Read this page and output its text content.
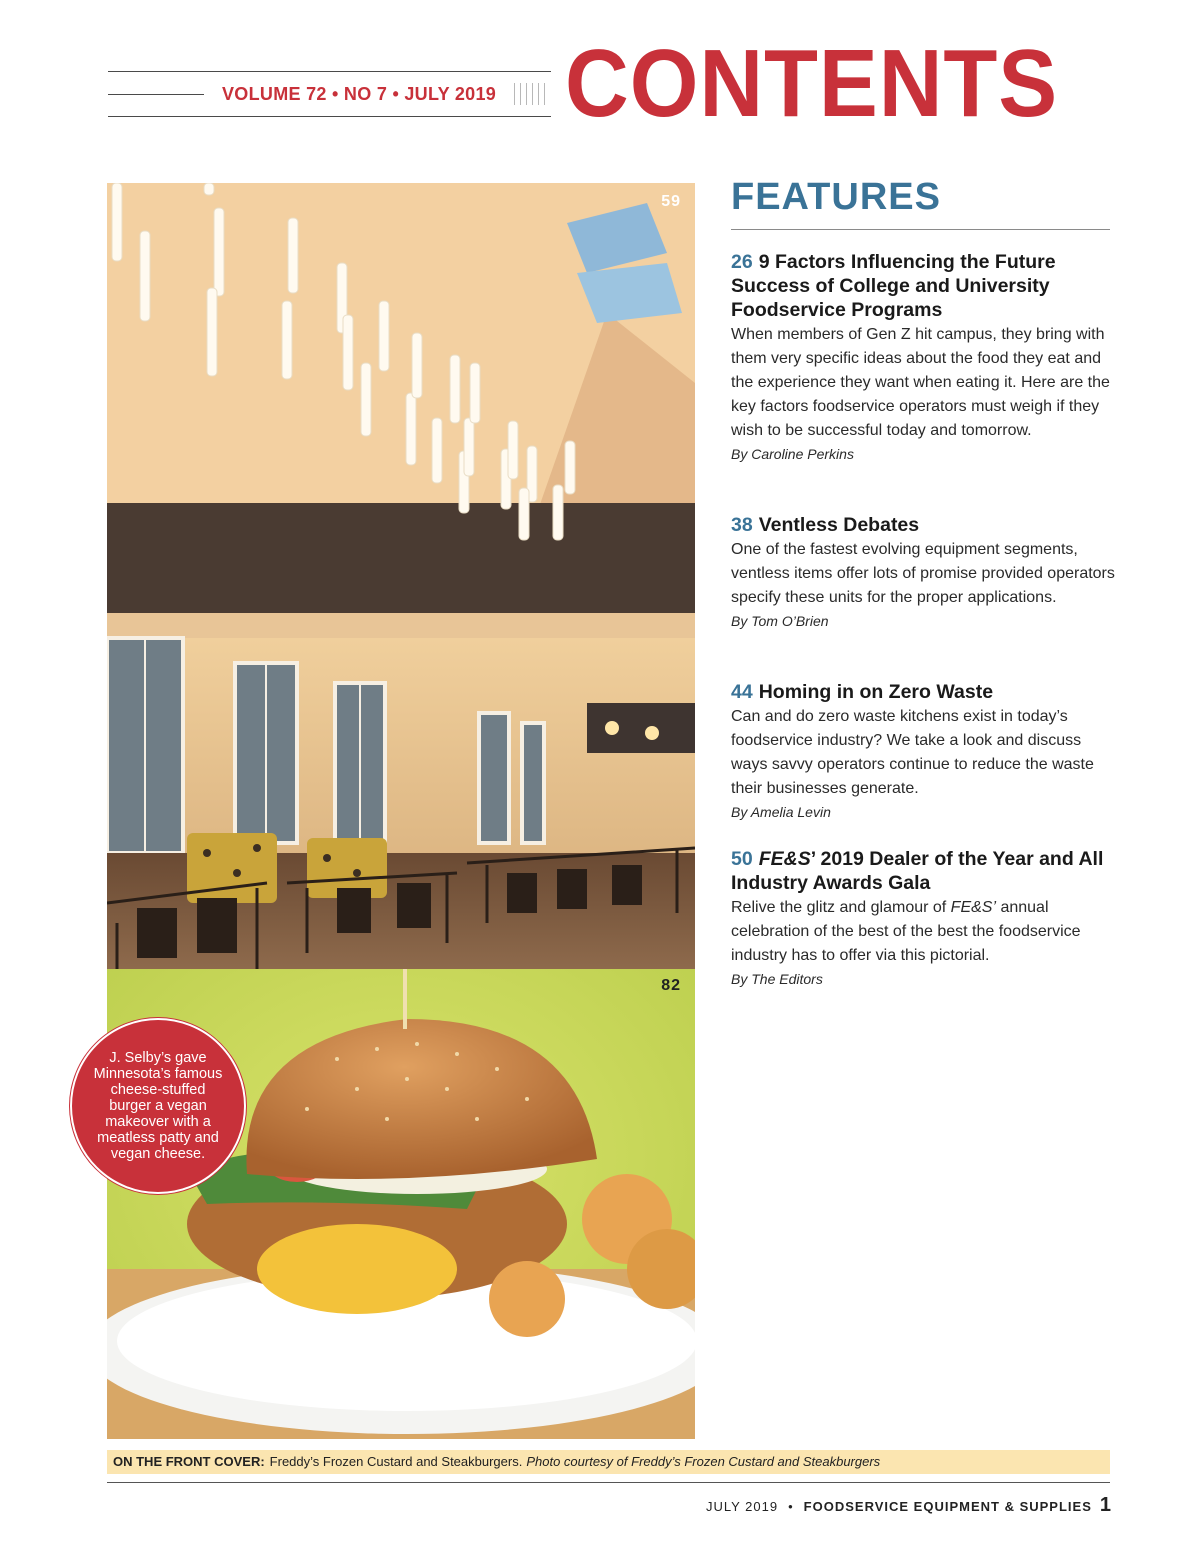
VOLUME 72 • NO 7 • JULY 2019 CONTENTS
59
82
J. Selby’s gave Minnesota’s famous cheese-stuffed burger a vegan makeover with a meatless patty and vegan cheese.
FEATURES
26 9 Factors Influencing the Future Success of College and University Foodservice Programs
When members of Gen Z hit campus, they bring with them very specific ideas about the food they eat and the experience they want when eating it. Here are the key factors foodservice operators must weigh if they wish to be successful today and tomorrow.
By Caroline Perkins
38 Ventless Debates
One of the fastest evolving equipment segments, ventless items offer lots of promise provided operators specify these units for the proper applications.
By Tom O’Brien
44 Homing in on Zero Waste
Can and do zero waste kitchens exist in today’s foodservice industry? We take a look and discuss ways savvy operators continue to reduce the waste their businesses generate.
By Amelia Levin
50 FE&S’ 2019 Dealer of the Year and All Industry Awards Gala
Relive the glitz and glamour of FE&S’ annual celebration of the best of the best the foodservice industry has to offer via this pictorial.
By The Editors
ON THE FRONT COVER: Freddy’s Frozen Custard and Steakburgers. Photo courtesy of Freddy’s Frozen Custard and Steakburgers
JULY 2019 • FOODSERVICE EQUIPMENT & SUPPLIES 1
